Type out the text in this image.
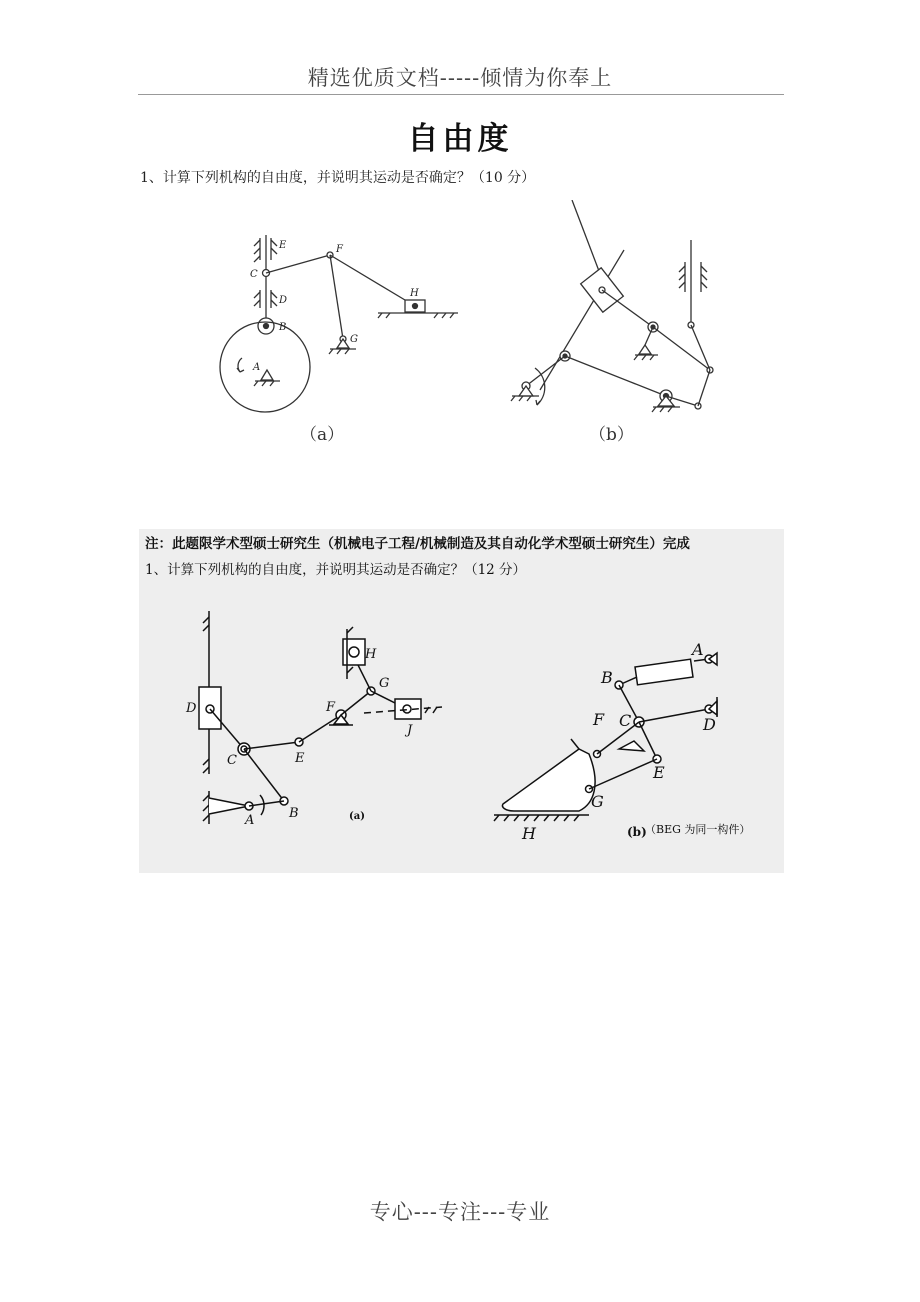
精选优质文档-----倾情为你奉上
自由度
1、计算下列机构的自由度，并说明其运动是否确定？（10 分）
E	F
C
D
H
B
G
A
（a）	（b）
注：此题限学术型硕士研究生（机械电子工程/机械制造及其自动化学术型硕士研究生）完成
1、计算下列机构的自由度，并说明其运动是否确定？（12 分）
H
G
D	F
J
C	E
A	B	(a)
A
B
F C	D
G
E
H	(b)
（BEG 为同一构件）
专心---专注---专业
